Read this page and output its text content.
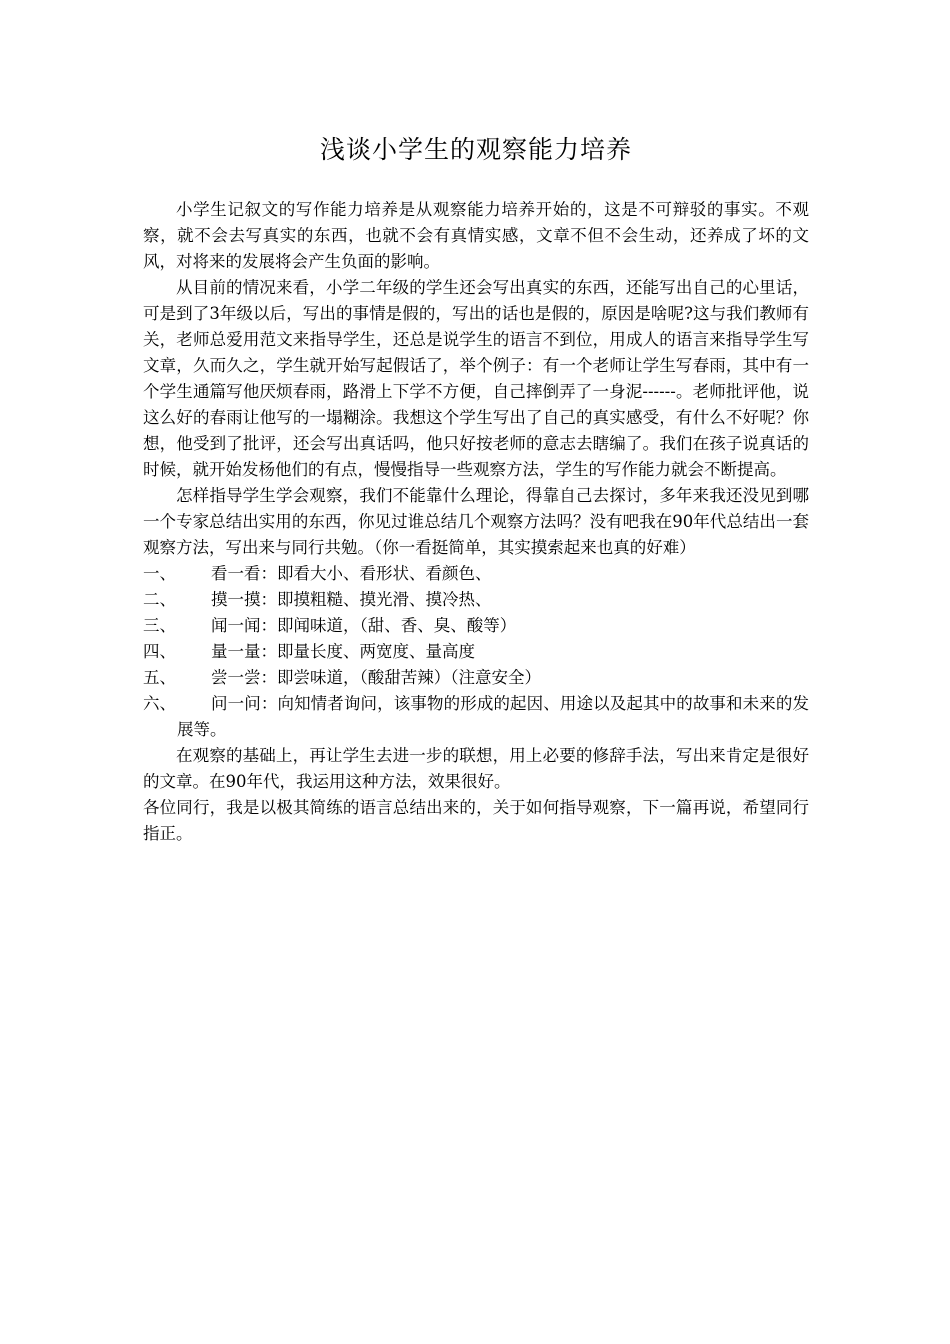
浅谈小学生的观察能力培养

小学生记叙文的写作能力培养是从观察能力培养开始的，这是不可辩驳的事实。不观察，就不会去写真实的东西，也就不会有真情实感，文章不但不会生动，还养成了坏的文风，对将来的发展将会产生负面的影响。

从目前的情况来看，小学二年级的学生还会写出真实的东西，还能写出自己的心里话，可是到了3年级以后，写出的事情是假的，写出的话也是假的，原因是啥呢?这与我们教师有关，老师总爱用范文来指导学生，还总是说学生的语言不到位，用成人的语言来指导学生写文章，久而久之，学生就开始写起假话了，举个例子：有一个老师让学生写春雨，其中有一个学生通篇写他厌烦春雨，路滑上下学不方便，自己摔倒弄了一身泥------。老师批评他，说这么好的春雨让他写的一塌糊涂。我想这个学生写出了自己的真实感受，有什么不好呢？你想，他受到了批评，还会写出真话吗，他只好按老师的意志去瞎编了。我们在孩子说真话的时候，就开始发杨他们的有点，慢慢指导一些观察方法，学生的写作能力就会不断提高。

怎样指导学生学会观察，我们不能靠什么理论，得靠自己去探讨，多年来我还没见到哪一个专家总结出实用的东西，你见过谁总结几个观察方法吗？没有吧我在90年代总结出一套观察方法，写出来与同行共勉。（你一看挺简单，其实摸索起来也真的好难）

一、	看一看：即看大小、看形状、看颜色、
二、	摸一摸：即摸粗糙、摸光滑、摸冷热、
三、	闻一闻：即闻味道，（甜、香、臭、酸等）
四、	量一量：即量长度、两宽度、量高度
五、	尝一尝：即尝味道，（酸甜苦辣）（注意安全）
六、	问一问：向知情者询问，该事物的形成的起因、用途以及起其中的故事和未来的发展等。

在观察的基础上，再让学生去进一步的联想，用上必要的修辞手法，写出来肯定是很好的文章。在90年代，我运用这种方法，效果很好。

各位同行，我是以极其简练的语言总结出来的，关于如何指导观察，下一篇再说，希望同行指正。
